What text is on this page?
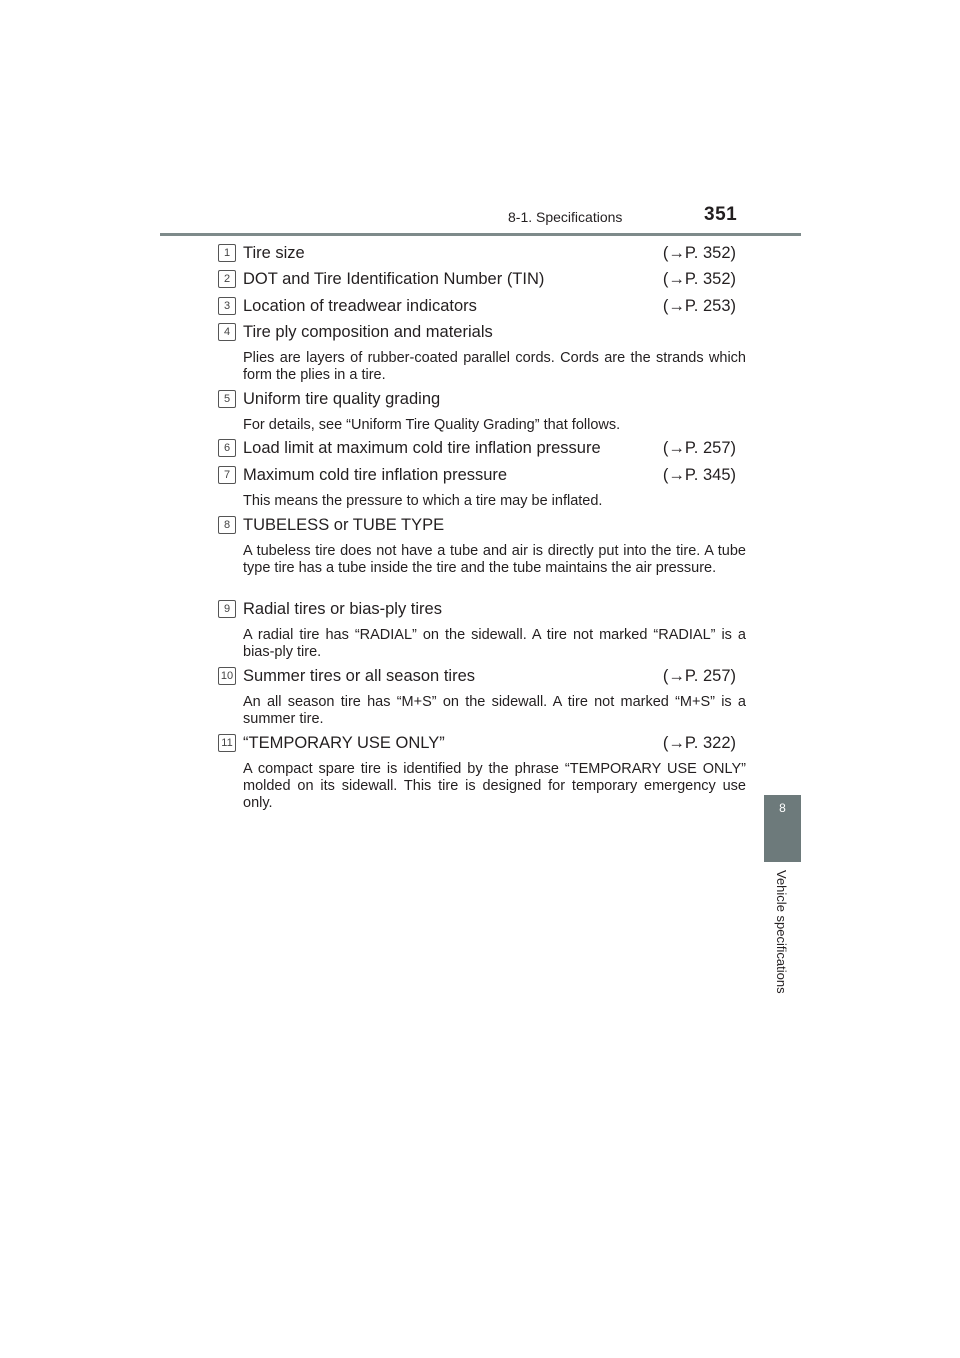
8-1. Specifications	351
8
Vehicle specifications
1 Tire size	(→P. 352)
2 DOT and Tire Identification Number (TIN)	(→P. 352)
3 Location of treadwear indicators	(→P. 253)
4 Tire ply composition and materials
Plies are layers of rubber-coated parallel cords. Cords are the strands which form the plies in a tire.
5 Uniform tire quality grading
For details, see “Uniform Tire Quality Grading” that follows.
6 Load limit at maximum cold tire inflation pressure	(→P. 257)
7 Maximum cold tire inflation pressure	(→P. 345)
This means the pressure to which a tire may be inflated.
8 TUBELESS or TUBE TYPE
A tubeless tire does not have a tube and air is directly put into the tire. A tube type tire has a tube inside the tire and the tube maintains the air pressure.
9 Radial tires or bias-ply tires
A radial tire has “RADIAL” on the sidewall. A tire not marked “RADIAL” is a bias-ply tire.
10 Summer tires or all season tires	(→P. 257)
An all season tire has “M+S” on the sidewall. A tire not marked “M+S” is a summer tire.
11 “TEMPORARY USE ONLY”	(→P. 322)
A compact spare tire is identified by the phrase “TEMPORARY USE ONLY” molded on its sidewall. This tire is designed for temporary emergency use only.
